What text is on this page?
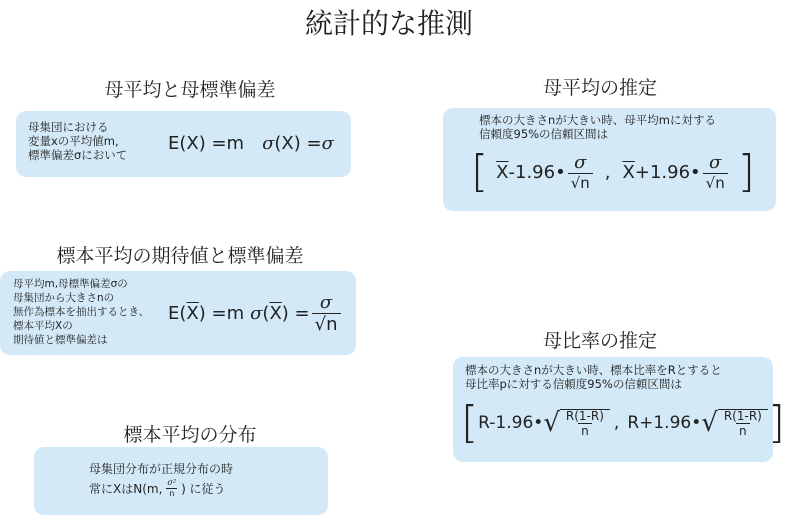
統計的な推測
母平均と母標準偏差
母集団における
変量xの平均値m,
標準偏差σにおいて
E(X) =m σ (X) = σ
標本平均の期待値と標準偏差
母平均m,母標準偏差σの
母集団から大きさnの
無作為標本を抽出するとき、
標本平均Xの
期待値と標準偏差は
E( $\overline{X}$ ) =m σ ( $\overline{X}$ ) = $\frac{\sigma}{√n}$
標本平均の分布
母集団分布が正規分布の時
常にXはN(m, $\frac{\text{σ²}}{n}$ ) に従う
母平均の推定
標本の大きさnが大きい時、母平均mに対する
信頼度95%の信頼区間は
[ $\overline{X}$ -1.96• $\frac{\sigma}{√n}$ , $\overline{X}$ +1.96• $\frac{\sigma}{√n}$ ]
母比率の推定
標本の大きさnが大きい時、標本比率をRとすると
母比率pに対する信頼度95%の信頼区間は
[ R-1.96• √ $\frac{R(1-R)}{n}$ , R+1.96• √ $\frac{R(1-R)}{n}$ ]
